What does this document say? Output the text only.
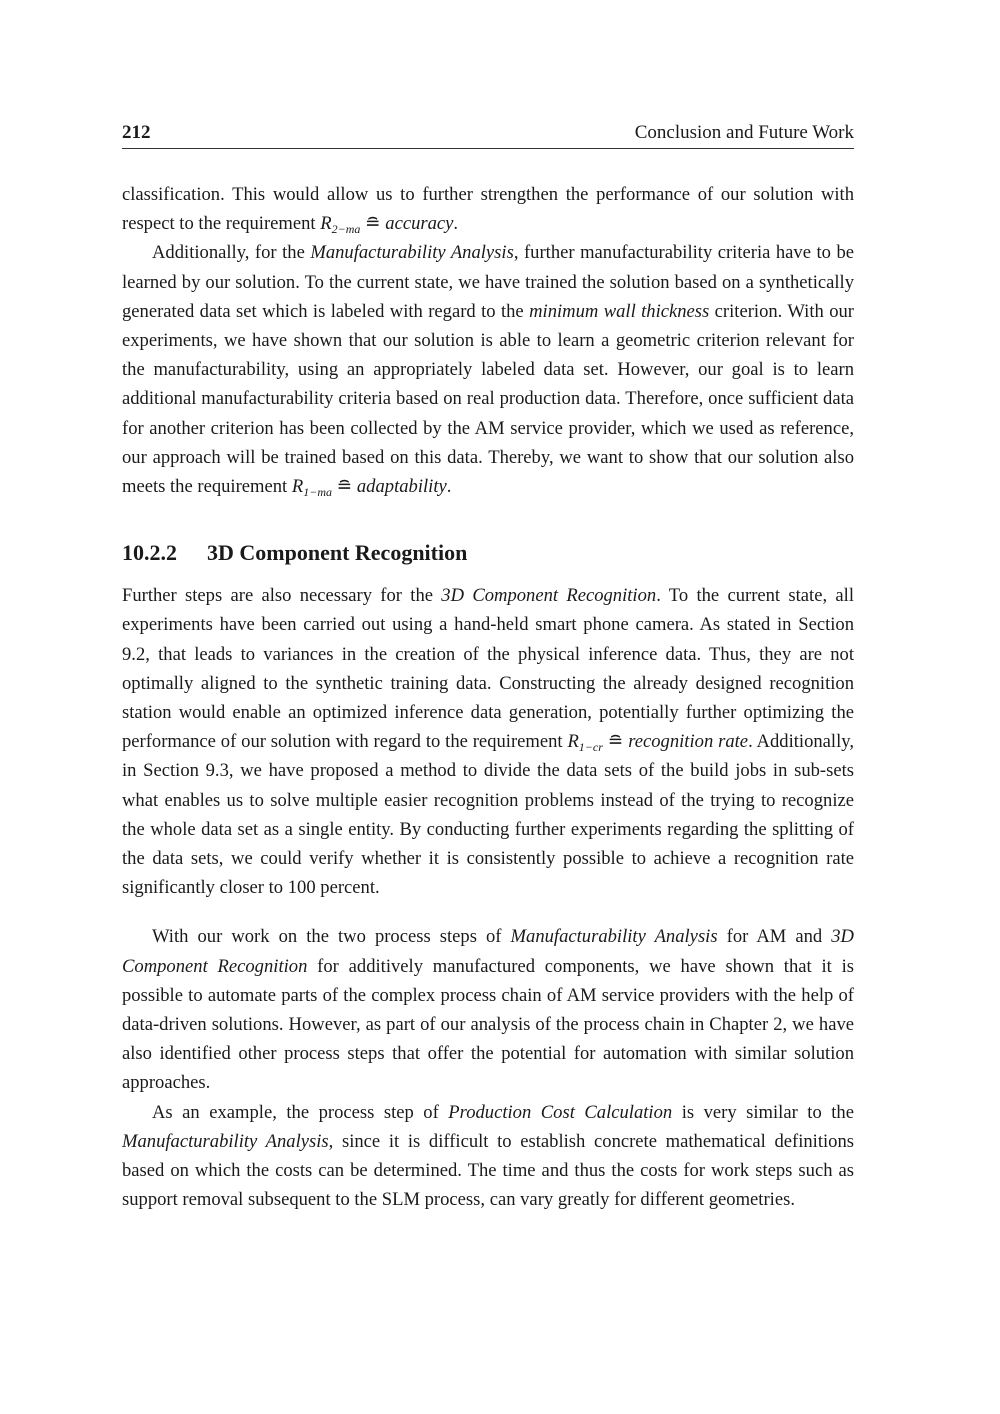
212	Conclusion and Future Work

classification. This would allow us to further strengthen the performance of our solution with respect to the requirement $R_{2-ma}$ ≘ accuracy.

Additionally, for the Manufacturability Analysis, further manufacturability criteria have to be learned by our solution. To the current state, we have trained the solution based on a synthetically generated data set which is labeled with regard to the minimum wall thickness criterion. With our experiments, we have shown that our solution is able to learn a geometric criterion relevant for the manufacturability, using an appropriately labeled data set. However, our goal is to learn additional manufacturability criteria based on real production data. Therefore, once sufficient data for another criterion has been collected by the AM service provider, which we used as reference, our approach will be trained based on this data. Thereby, we want to show that our solution also meets the requirement $R_{1-ma}$ ≘ adaptability.

10.2.2	3D Component Recognition

Further steps are also necessary for the 3D Component Recognition. To the current state, all experiments have been carried out using a hand-held smart phone camera. As stated in Section 9.2, that leads to variances in the creation of the physical inference data. Thus, they are not optimally aligned to the synthetic training data. Constructing the already designed recognition station would enable an optimized inference data generation, potentially further optimizing the performance of our solution with regard to the requirement $R_{1-cr}$ ≘ recognition rate. Additionally, in Section 9.3, we have proposed a method to divide the data sets of the build jobs in sub-sets what enables us to solve multiple easier recognition problems instead of the trying to recognize the whole data set as a single entity. By conducting further experiments regarding the splitting of the data sets, we could verify whether it is consistently possible to achieve a recognition rate significantly closer to 100 percent.

With our work on the two process steps of Manufacturability Analysis for AM and 3D Component Recognition for additively manufactured components, we have shown that it is possible to automate parts of the complex process chain of AM service providers with the help of data-driven solutions. However, as part of our analysis of the process chain in Chapter 2, we have also identified other process steps that offer the potential for automation with similar solution approaches.

As an example, the process step of Production Cost Calculation is very similar to the Manufacturability Analysis, since it is difficult to establish concrete mathematical definitions based on which the costs can be determined. The time and thus the costs for work steps such as support removal subsequent to the SLM process, can vary greatly for different geometries.
